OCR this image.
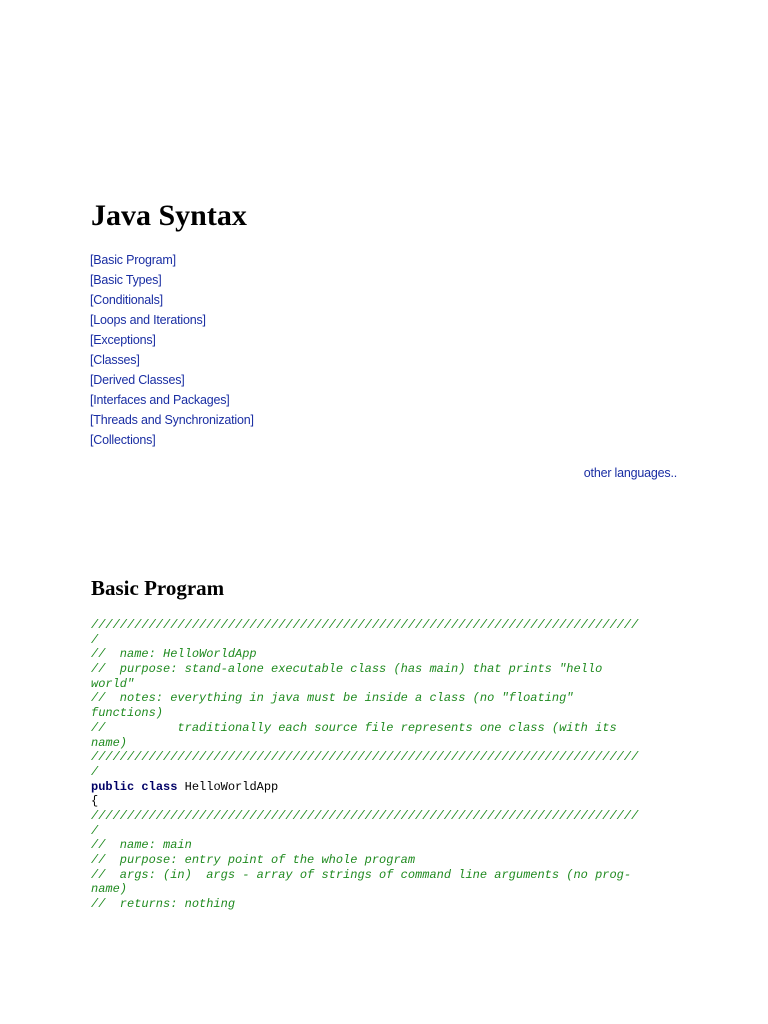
Java Syntax
[Basic Program]
[Basic Types]
[Conditionals]
[Loops and Iterations]
[Exceptions]
[Classes]
[Derived Classes]
[Interfaces and Packages]
[Threads and Synchronization]
[Collections]
other languages..
Basic Program
////////////////////////////////////////////////////////////////////////////
/
//  name: HelloWorldApp
//  purpose: stand-alone executable class (has main) that prints "hello
world"
//  notes: everything in java must be inside a class (no "floating"
functions)
//          traditionally each source file represents one class (with its
name)
////////////////////////////////////////////////////////////////////////////
/
public class HelloWorldApp
{
////////////////////////////////////////////////////////////////////////////
/
//  name: main
//  purpose: entry point of the whole program
//  args: (in)  args - array of strings of command line arguments (no prog-
name)
//  returns: nothing
